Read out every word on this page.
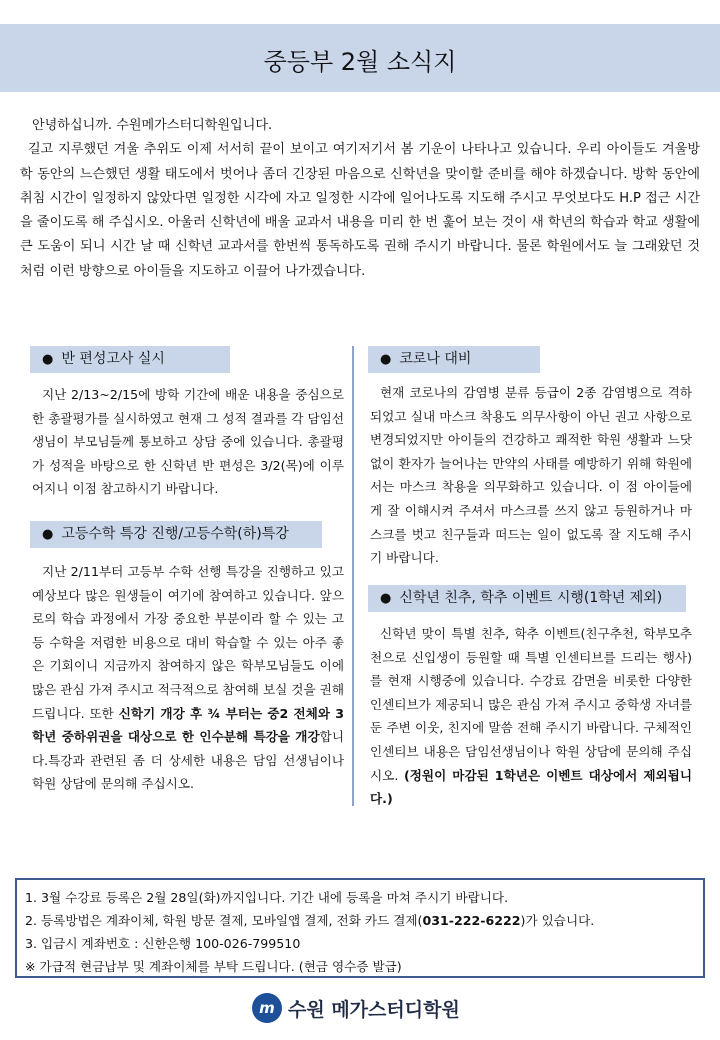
중등부 2월 소식지

안녕하십니까. 수원메가스터디학원입니다.

길고 지루했던 겨울 추위도 이제 서서히 끝이 보이고 여기저기서 봄 기운이 나타나고 있습니다. 우리 아이들도 겨울방학 동안의 느슨했던 생활 태도에서 벗어나 좀더 긴장된 마음으로 신학년을 맞이할 준비를 해야 하겠습니다. 방학 동안에 취침 시간이 일정하지 않았다면 일정한 시각에 자고 일정한 시각에 일어나도록 지도해 주시고 무엇보다도 H.P 접근 시간을 줄이도록 해 주십시오. 아울러 신학년에 배울 교과서 내용을 미리 한 번 훑어 보는 것이 새 학년의 학습과 학교 생활에 큰 도움이 되니 시간 날 때 신학년 교과서를 한번씩 통독하도록 권해 주시기 바랍니다. 물론 학원에서도 늘 그래왔던 것처럼 이런 방향으로 아이들을 지도하고 이끌어 나가겠습니다.

● 반 편성고사 실시

지난 2/13~2/15에 방학 기간에 배운 내용을 중심으로 한 총괄평가를 실시하였고 현재 그 성적 결과를 각 담임선생님이 부모님들께 통보하고 상담 중에 있습니다. 총괄평가 성적을 바탕으로 한 신학년 반 편성은 3/2(목)에 이루어지니 이점 참고하시기 바랍니다.

● 고등수학 특강 진행/고등수학(하)특강

지난 2/11부터 고등부 수학 선행 특강을 진행하고 있고 예상보다 많은 원생들이 여기에 참여하고 있습니다. 앞으로의 학습 과정에서 가장 중요한 부분이라 할 수 있는 고등 수학을 저렴한 비용으로 대비 학습할 수 있는 아주 좋은 기회이니 지금까지 참여하지 않은 학부모님들도 이에 많은 관심 가져 주시고 적극적으로 참여해 보실 것을 권해 드립니다. 또한 신학기 개강 후 ¾ 부터는 중2 전체와 3학년 중하위권을 대상으로 한 인수분해 특강을 개강합니다.특강과 관련된 좀 더 상세한 내용은 담임 선생님이나 학원 상담에 문의해 주십시오.

● 코로나 대비

현재 코로나의 감염병 분류 등급이 2종 감염병으로 격하되었고 실내 마스크 착용도 의무사항이 아닌 권고 사항으로 변경되었지만 아이들의 건강하고 쾌적한 학원 생활과 느닷없이 환자가 늘어나는 만약의 사태를 예방하기 위해 학원에서는 마스크 착용을 의무화하고 있습니다. 이 점 아이들에게 잘 이해시켜 주셔서 마스크를 쓰지 않고 등원하거나 마스크를 벗고 친구들과 떠드는 일이 없도록 잘 지도해 주시기 바랍니다.

● 신학년 친추, 학추 이벤트 시행(1학년 제외)

신학년 맞이 특별 친추, 학추 이벤트(친구추천, 학부모추천으로 신입생이 등원할 때 특별 인센티브를 드리는 행사)를 현재 시행중에 있습니다. 수강료 감면을 비롯한 다양한 인센티브가 제공되니 많은 관심 가져 주시고 중학생 자녀를 둔 주변 이웃, 친지에 말씀 전해 주시기 바랍니다. 구체적인 인센티브 내용은 담임선생님이나 학원 상담에 문의해 주십시오. (정원이 마감된 1학년은 이벤트 대상에서 제외됩니다.)

1. 3월 수강료 등록은 2월 28일(화)까지입니다. 기간 내에 등록을 마쳐 주시기 바랍니다.
2. 등록방법은 계좌이체, 학원 방문 결제, 모바일앱 결제, 전화 카드 결제(031-222-6222)가 있습니다.
3. 입금시 계좌번호 : 신한은행 100-026-799510
※ 가급적 현금납부 및 계좌이체를 부탁 드립니다. (현금 영수증 발급)
m 수원 메가스터디학원
